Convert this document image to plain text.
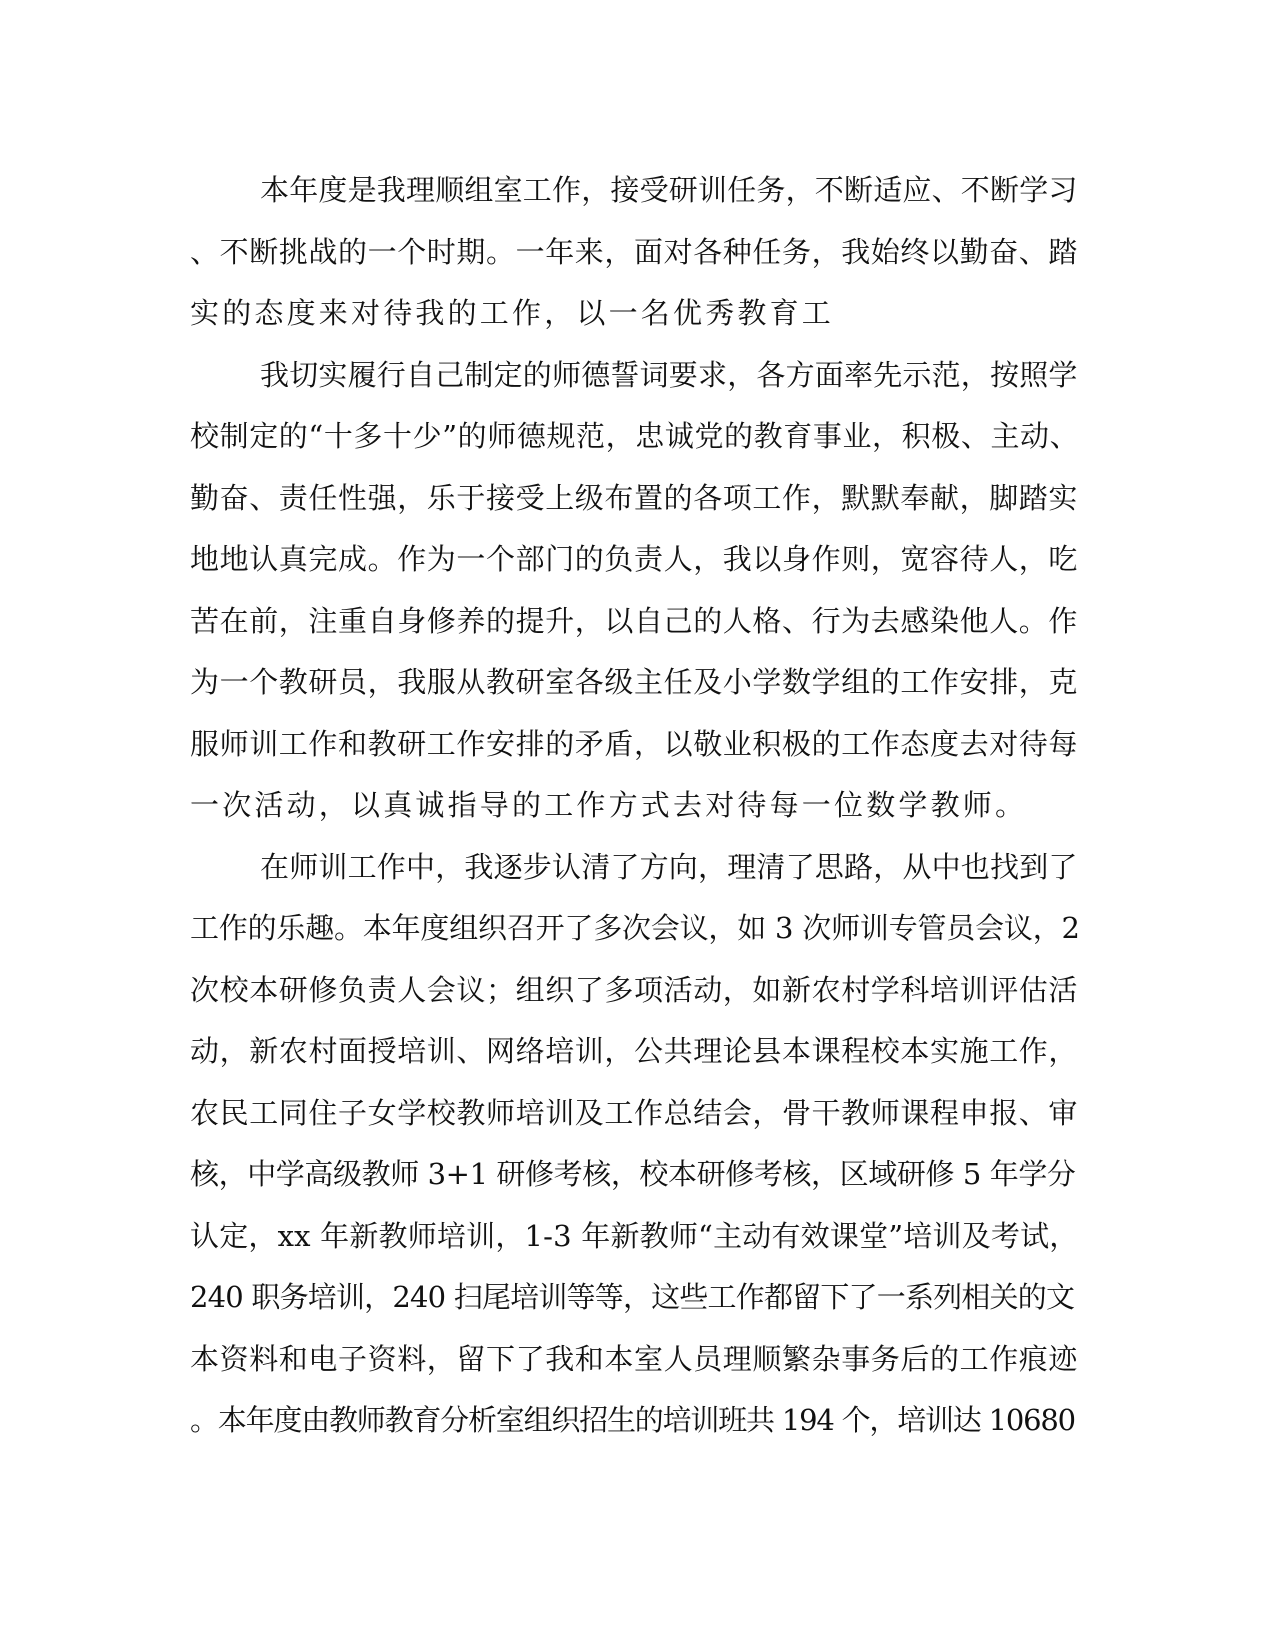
本年度是我理顺组室工作，接受研训任务，不断适应、不断学习
、不断挑战的一个时期。一年来，面对各种任务，我始终以勤奋、踏
实的态度来对待我的工作，以一名优秀教育工
我切实履行自己制定的师德誓词要求，各方面率先示范，按照学
校制定的“十多十少”的师德规范，忠诚党的教育事业，积极、主动、
勤奋、责任性强，乐于接受上级布置的各项工作，默默奉献，脚踏实
地地认真完成。作为一个部门的负责人，我以身作则，宽容待人，吃
苦在前，注重自身修养的提升，以自己的人格、行为去感染他人。作
为一个教研员，我服从教研室各级主任及小学数学组的工作安排，克
服师训工作和教研工作安排的矛盾，以敬业积极的工作态度去对待每
一次活动，以真诚指导的工作方式去对待每一位数学教师。
在师训工作中，我逐步认清了方向，理清了思路，从中也找到了
工作的乐趣。本年度组织召开了多次会议，如 3 次师训专管员会议，2
次校本研修负责人会议；组织了多项活动，如新农村学科培训评估活
动，新农村面授培训、网络培训，公共理论县本课程校本实施工作，
农民工同住子女学校教师培训及工作总结会，骨干教师课程申报、审
核，中学高级教师 3+1 研修考核，校本研修考核，区域研修 5 年学分
认定，xx 年新教师培训，1-3 年新教师“主动有效课堂”培训及考试，
240 职务培训，240 扫尾培训等等，这些工作都留下了一系列相关的文
本资料和电子资料，留下了我和本室人员理顺繁杂事务后的工作痕迹
。本年度由教师教育分析室组织招生的培训班共 194 个，培训达 10680
